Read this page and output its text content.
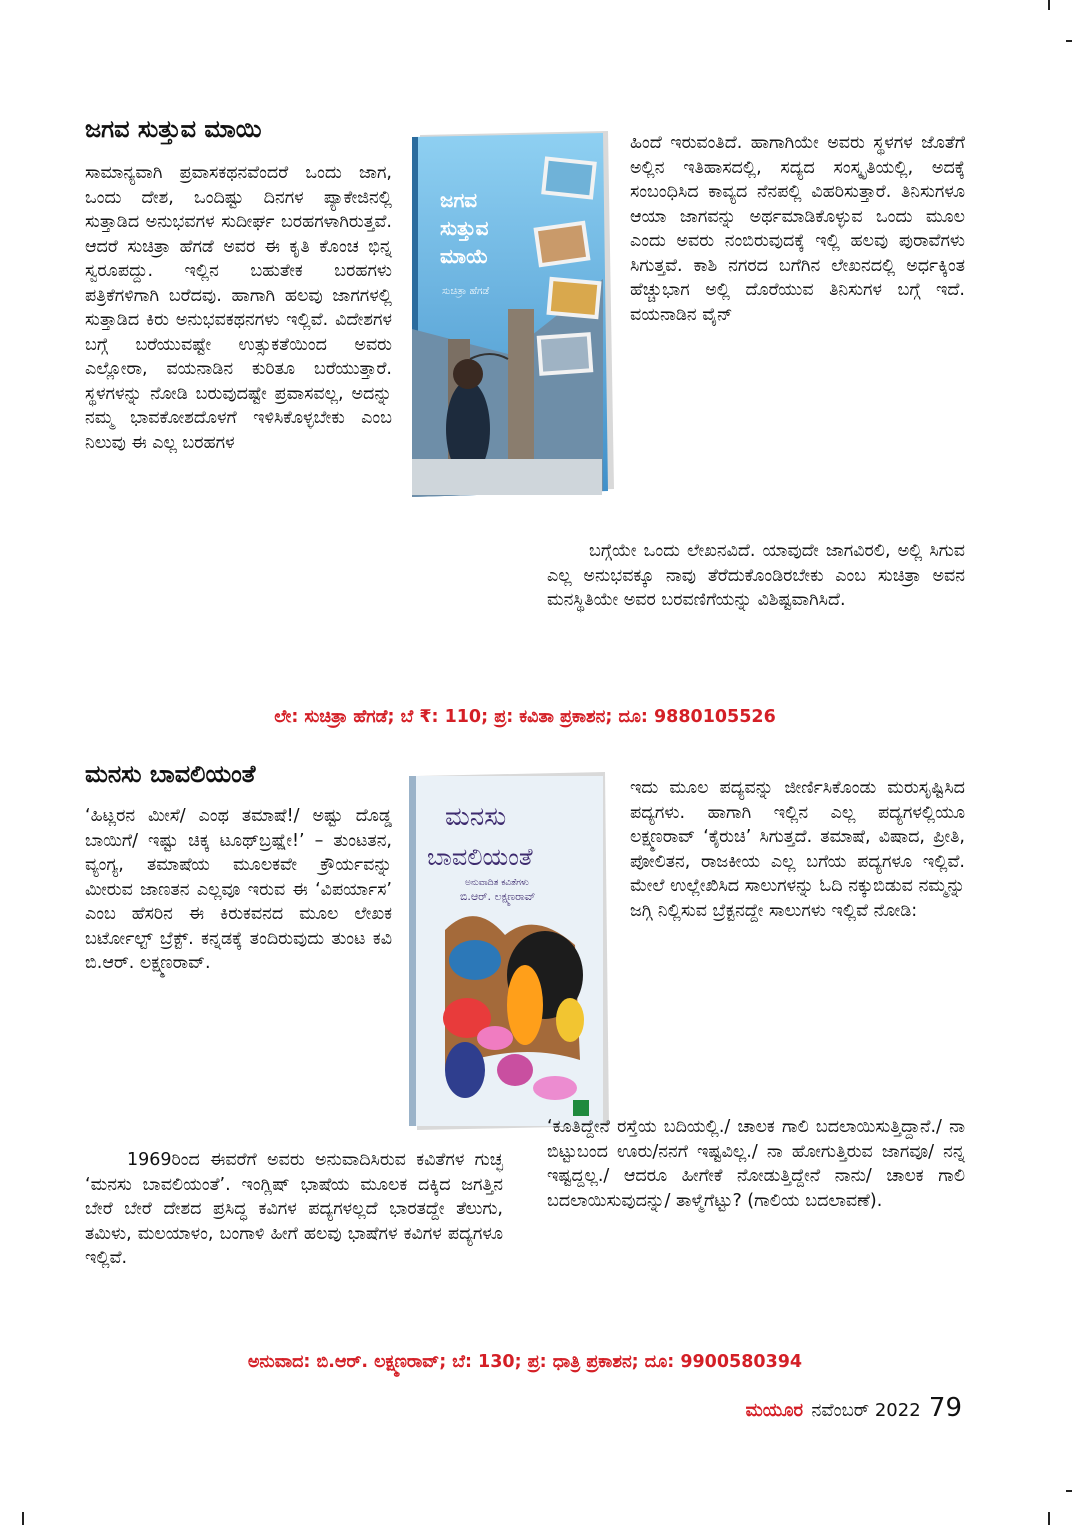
ಜಗವ ಸುತ್ತುವ ಮಾಯಿ

ಸಾಮಾನ್ಯವಾಗಿ ಪ್ರವಾಸಕಥನವೆಂದರೆ ಒಂದು ಜಾಗ, ಒಂದು ದೇಶ, ಒಂದಿಷ್ಟು ದಿನಗಳ ಪ್ಯಾಕೇಜಿನಲ್ಲಿ ಸುತ್ತಾಡಿದ ಅನುಭವಗಳ ಸುದೀರ್ಘ ಬರಹಗಳಾಗಿರುತ್ತವೆ. ಆದರೆ ಸುಚಿತ್ರಾ ಹೆಗಡೆ ಅವರ ಈ ಕೃತಿ ಕೊಂಚ ಭಿನ್ನ ಸ್ವರೂಪದ್ದು. ಇಲ್ಲಿನ ಬಹುತೇಕ ಬರಹಗಳು ಪತ್ರಿಕೆಗಳಿಗಾಗಿ ಬರೆದವು. ಹಾಗಾಗಿ ಹಲವು ಜಾಗಗಳಲ್ಲಿ ಸುತ್ತಾಡಿದ ಕಿರು ಅನುಭವಕಥನಗಳು ಇಲ್ಲಿವೆ. ವಿದೇಶಗಳ ಬಗ್ಗೆ ಬರೆಯುವಷ್ಟೇ ಉತ್ಸುಕತೆಯಿಂದ ಅವರು ಎಲ್ಲೋರಾ, ವಯನಾಡಿನ ಕುರಿತೂ ಬರೆಯುತ್ತಾರೆ. ಸ್ಥಳಗಳನ್ನು ನೋಡಿ ಬರುವುದಷ್ಟೇ ಪ್ರವಾಸವಲ್ಲ, ಅದನ್ನು ನಮ್ಮ ಭಾವಕೋಶದೊಳಗೆ ಇಳಿಸಿಕೊಳ್ಳಬೇಕು ಎಂಬ ನಿಲುವು ಈ ಎಲ್ಲ ಬರಹಗಳ

ಜಗವ
ಸುತ್ತುವ
ಮಾಯೆ
ಸುಚಿತ್ರಾ ಹೆಗಡೆ

ಹಿಂದೆ ಇರುವಂತಿದೆ. ಹಾಗಾಗಿಯೇ ಅವರು ಸ್ಥಳಗಳ ಜೊತೆಗೆ ಅಲ್ಲಿನ ಇತಿಹಾಸದಲ್ಲಿ, ಸದ್ಯದ ಸಂಸ್ಕೃತಿಯಲ್ಲಿ, ಅದಕ್ಕೆ ಸಂಬಂಧಿಸಿದ ಕಾವ್ಯದ ನೆನಪಲ್ಲಿ ವಿಹರಿಸುತ್ತಾರೆ. ತಿನಿಸುಗಳೂ ಆಯಾ ಜಾಗವನ್ನು ಅರ್ಥಮಾಡಿಕೊಳ್ಳುವ ಒಂದು ಮೂಲ ಎಂದು ಅವರು ನಂಬಿರುವುದಕ್ಕೆ ಇಲ್ಲಿ ಹಲವು ಪುರಾವೆಗಳು ಸಿಗುತ್ತವೆ. ಕಾಶಿ ನಗರದ ಬಗೆಗಿನ ಲೇಖನದಲ್ಲಿ ಅರ್ಧಕ್ಕಿಂತ ಹೆಚ್ಚುಭಾಗ ಅಲ್ಲಿ ದೊರೆಯುವ ತಿನಿಸುಗಳ ಬಗ್ಗೆ ಇದೆ. ವಯನಾಡಿನ ವೈನ್

ಬಗ್ಗೆಯೇ ಒಂದು ಲೇಖನವಿದೆ. ಯಾವುದೇ ಜಾಗವಿರಲಿ, ಅಲ್ಲಿ ಸಿಗುವ ಎಲ್ಲ ಅನುಭವಕ್ಕೂ ನಾವು ತೆರೆದುಕೊಂಡಿರಬೇಕು ಎಂಬ ಸುಚಿತ್ರಾ ಅವನ ಮನಸ್ಥಿತಿಯೇ ಅವರ ಬರವಣಿಗೆಯನ್ನು ವಿಶಿಷ್ಟವಾಗಿಸಿದೆ.

ಲೇ: ಸುಚಿತ್ರಾ ಹೆಗಡೆ; ಬೆ ₹: 110; ಪ್ರ: ಕವಿತಾ ಪ್ರಕಾಶನ; ದೂ: 9880105526
ಮನಸು ಬಾವಲಿಯಂತೆ

‘ಹಿಟ್ಲರನ ಮೀಸೆ/ ಎಂಥ ತಮಾಷೆ!/ ಅಷ್ಟು ದೊಡ್ಡ ಬಾಯಿಗೆ/ ಇಷ್ಟು ಚಿಕ್ಕ ಟೂಥ್‌ಬ್ರಷ್ಷೇ!’ – ತುಂಟತನ, ವ್ಯಂಗ್ಯ, ತಮಾಷೆಯ ಮೂಲಕವೇ ಕ್ರೌರ್ಯವನ್ನು ಮೀರುವ ಜಾಣತನ ಎಲ್ಲವೂ ಇರುವ ಈ ‘ವಿಪರ್ಯಾಸ’ ಎಂಬ ಹೆಸರಿನ ಈ ಕಿರುಕವನದ ಮೂಲ ಲೇಖಕ ಬರ್ಟೋಲ್ಟ್ ಬ್ರೆಕ್ಟ್. ಕನ್ನಡಕ್ಕೆ ತಂದಿರುವುದು ತುಂಟ ಕವಿ ಬಿ.ಆರ್. ಲಕ್ಷ್ಮಣರಾವ್.

ಮನಸು
ಬಾವಲಿಯಂತೆ
ಅನುವಾದಿತ ಕವಿತೆಗಳು
ಬಿ.ಆರ್. ಲಕ್ಷ್ಮಣರಾವ್

ಇದು ಮೂಲ ಪದ್ಯವನ್ನು ಜೀರ್ಣಿಸಿಕೊಂಡು ಮರುಸೃಷ್ಟಿಸಿದ ಪದ್ಯಗಳು. ಹಾಗಾಗಿ ಇಲ್ಲಿನ ಎಲ್ಲ ಪದ್ಯಗಳಲ್ಲಿಯೂ ಲಕ್ಷ್ಮಣರಾವ್ ‘ಕೈರುಚಿ’ ಸಿಗುತ್ತದೆ. ತಮಾಷೆ, ವಿಷಾದ, ಪ್ರೀತಿ, ಪೋಲಿತನ, ರಾಜಕೀಯ ಎಲ್ಲ ಬಗೆಯ ಪದ್ಯಗಳೂ ಇಲ್ಲಿವೆ. ಮೇಲೆ ಉಲ್ಲೇಖಿಸಿದ ಸಾಲುಗಳನ್ನು ಓದಿ ನಕ್ಕುಬಿಡುವ ನಮ್ಮನ್ನು ಜಗ್ಗಿ ನಿಲ್ಲಿಸುವ ಬ್ರೆಕ್ಟನದ್ದೇ ಸಾಲುಗಳು ಇಲ್ಲಿವೆ ನೋಡಿ:

1969ರಿಂದ ಈವರೆಗೆ ಅವರು ಅನುವಾದಿಸಿರುವ ಕವಿತೆಗಳ ಗುಚ್ಛ ‘ಮನಸು ಬಾವಲಿಯಂತೆ’. ಇಂಗ್ಲಿಷ್ ಭಾಷೆಯ ಮೂಲಕ ದಕ್ಕಿದ ಜಗತ್ತಿನ ಬೇರೆ ಬೇರೆ ದೇಶದ ಪ್ರಸಿದ್ಧ ಕವಿಗಳ ಪದ್ಯಗಳಲ್ಲದೆ ಭಾರತದ್ದೇ ತೆಲುಗು, ತಮಿಳು, ಮಲಯಾಳಂ, ಬಂಗಾಳಿ ಹೀಗೆ ಹಲವು ಭಾಷೆಗಳ ಕವಿಗಳ ಪದ್ಯಗಳೂ ಇಲ್ಲಿವೆ.

‘ಕೂತಿದ್ದೇನೆ ರಸ್ತೆಯ ಬದಿಯಲ್ಲಿ./ ಚಾಲಕ ಗಾಲಿ ಬದಲಾಯಿಸುತ್ತಿದ್ದಾನೆ./ ನಾ ಬಿಟ್ಟುಬಂದ ಊರು/ನನಗೆ ಇಷ್ಟವಿಲ್ಲ./ ನಾ ಹೋಗುತ್ತಿರುವ ಜಾಗವೂ/ ನನ್ನ ಇಷ್ಟದ್ದಲ್ಲ./ ಆದರೂ ಹೀಗೇಕೆ ನೋಡುತ್ತಿದ್ದೇನೆ ನಾನು/ ಚಾಲಕ ಗಾಲಿ ಬದಲಾಯಿಸುವುದನ್ನು/ ತಾಳ್ಮೆಗೆಟ್ಟು? (ಗಾಲಿಯ ಬದಲಾವಣೆ).

ಅನುವಾದ: ಬಿ.ಆರ್. ಲಕ್ಷ್ಮಣರಾವ್; ಬೆ: 130; ಪ್ರ: ಧಾತ್ರಿ ಪ್ರಕಾಶನ; ದೂ: 9900580394
ಮಯೂರ ನವೆಂಬರ್ 2022 79
